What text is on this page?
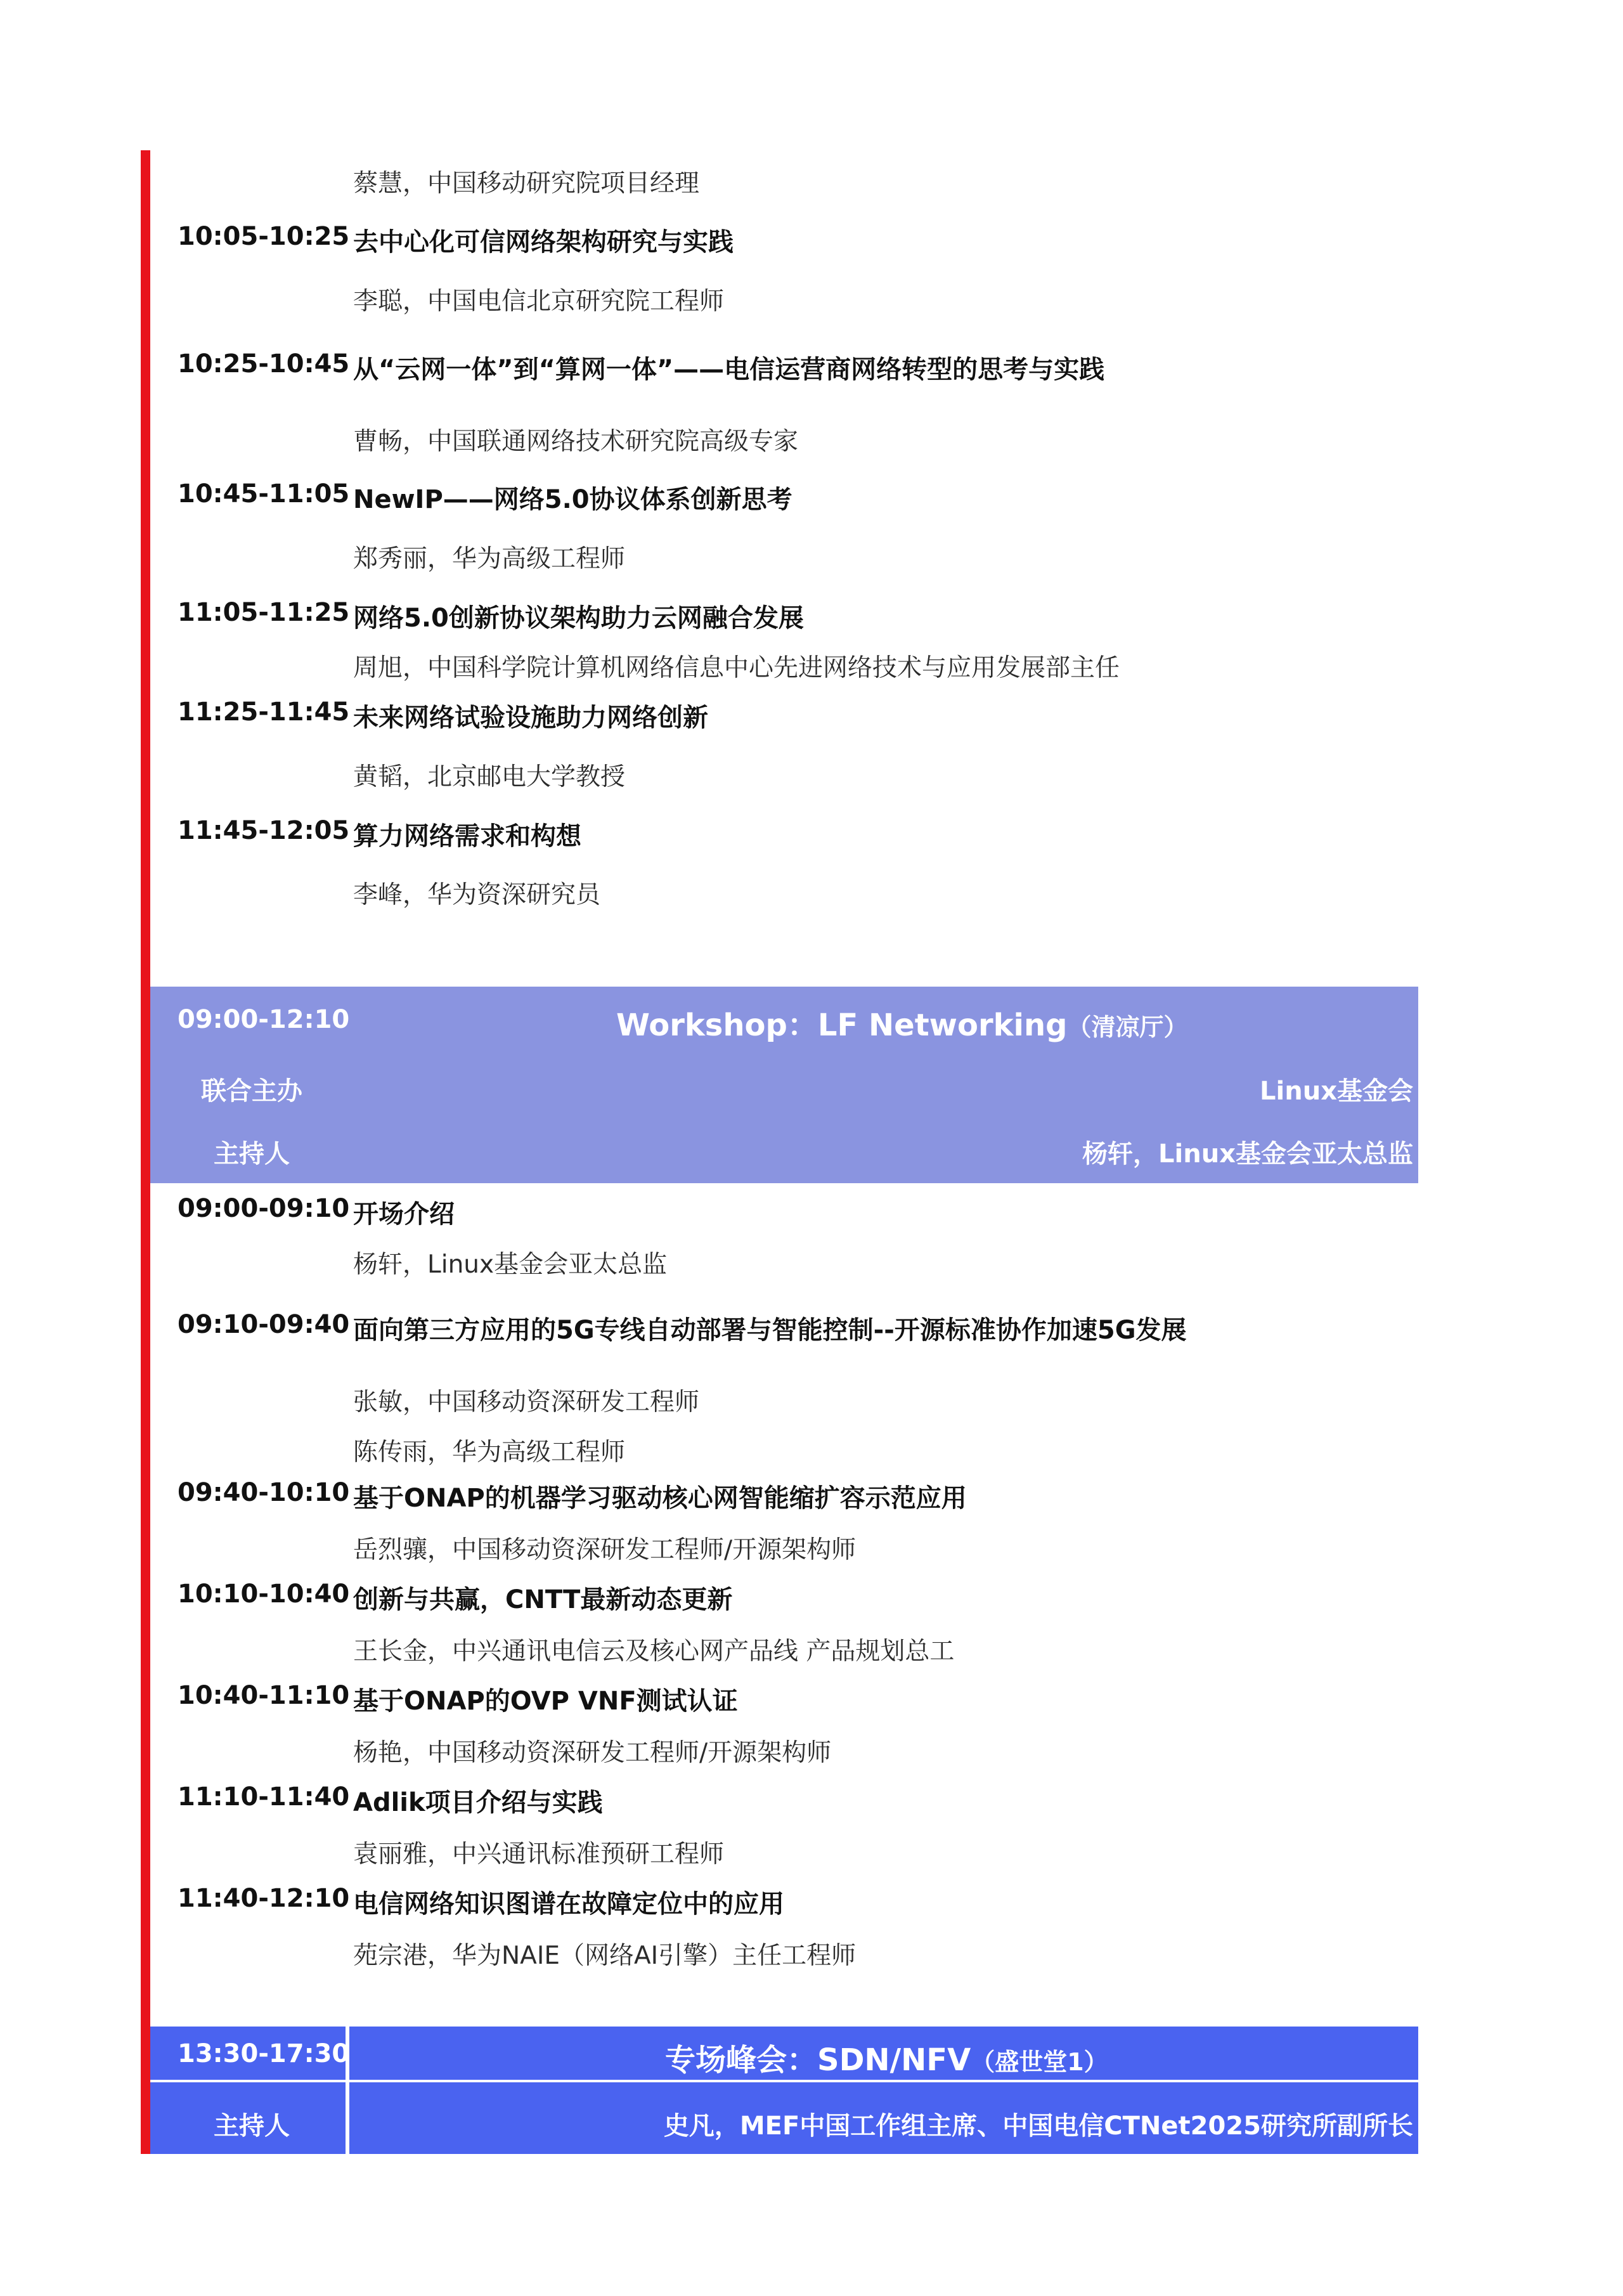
蔡慧，中国移动研究院项目经理
10:05-10:25 去中心化可信网络架构研究与实践
李聪，中国电信北京研究院工程师
10:25-10:45 从“云网一体”到“算网一体”——电信运营商网络转型的思考与实践
曹畅，中国联通网络技术研究院高级专家
10:45-11:05 NewIP——网络5.0协议体系创新思考
郑秀丽，华为高级工程师
11:05-11:25 网络5.0创新协议架构助力云网融合发展
周旭，中国科学院计算机网络信息中心先进网络技术与应用发展部主任
11:25-11:45 未来网络试验设施助力网络创新
黄韬，北京邮电大学教授
11:45-12:05 算力网络需求和构想
李峰，华为资深研究员
09:00-12:10	Workshop：LF Networking（清凉厅）
联合主办	Linux基金会
主持人	杨轩，Linux基金会亚太总监
09:00-09:10 开场介绍
杨轩，Linux基金会亚太总监
09:10-09:40 面向第三方应用的5G专线自动部署与智能控制--开源标准协作加速5G发展
张敏，中国移动资深研发工程师
陈传雨，华为高级工程师
09:40-10:10 基于ONAP的机器学习驱动核心网智能缩扩容示范应用
岳烈骧，中国移动资深研发工程师/开源架构师
10:10-10:40 创新与共赢，CNTT最新动态更新
王长金，中兴通讯电信云及核心网产品线 产品规划总工
10:40-11:10 基于ONAP的OVP VNF测试认证
杨艳，中国移动资深研发工程师/开源架构师
11:10-11:40 Adlik项目介绍与实践
袁丽雅，中兴通讯标准预研工程师
11:40-12:10 电信网络知识图谱在故障定位中的应用
苑宗港，华为NAIE（网络AI引擎）主任工程师
13:30-17:30	专场峰会：SDN/NFV（盛世堂1）
主持人	史凡，MEF中国工作组主席、中国电信CTNet2025研究所副所长
